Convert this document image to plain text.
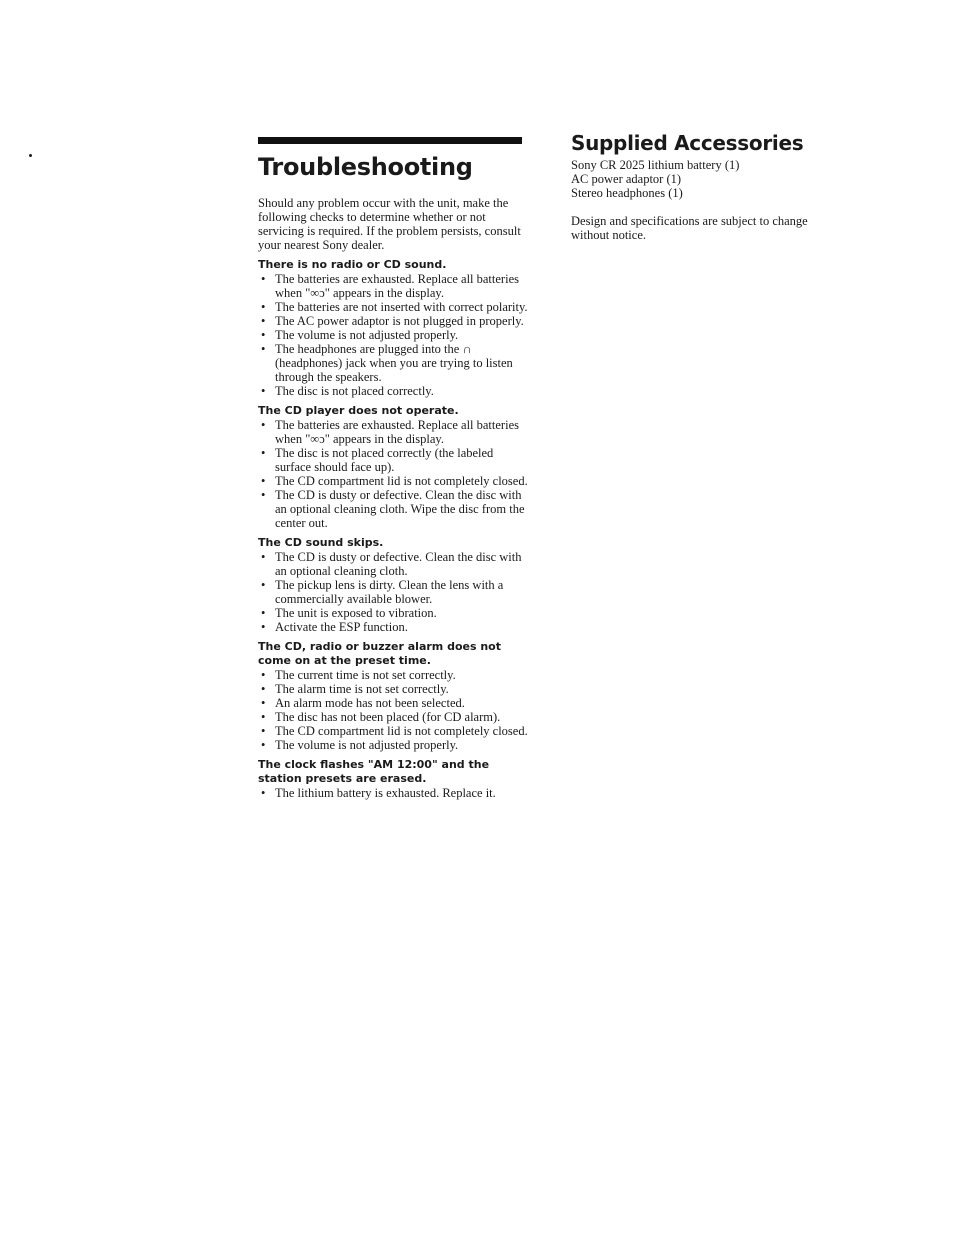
Troubleshooting

Should any problem occur with the unit, make the following checks to determine whether or not servicing is required. If the problem persists, consult your nearest Sony dealer.

There is no radio or CD sound.
• The batteries are exhausted. Replace all batteries when "∞ɔ" appears in the display.
• The batteries are not inserted with correct polarity.
• The AC power adaptor is not plugged in properly.
• The volume is not adjusted properly.
• The headphones are plugged into the ∩ (headphones) jack when you are trying to listen through the speakers.
• The disc is not placed correctly.
The CD player does not operate.
• The batteries are exhausted. Replace all batteries when "∞ɔ" appears in the display.
• The disc is not placed correctly (the labeled surface should face up).
• The CD compartment lid is not completely closed.
• The CD is dusty or defective. Clean the disc with an optional cleaning cloth. Wipe the disc from the center out.
The CD sound skips.
• The CD is dusty or defective. Clean the disc with an optional cleaning cloth.
• The pickup lens is dirty. Clean the lens with a commercially available blower.
• The unit is exposed to vibration.
• Activate the ESP function.
The CD, radio or buzzer alarm does not come on at the preset time.
• The current time is not set correctly.
• The alarm time is not set correctly.
• An alarm mode has not been selected.
• The disc has not been placed (for CD alarm).
• The CD compartment lid is not completely closed.
• The volume is not adjusted properly.
The clock flashes "AM 12:00" and the station presets are erased.
• The lithium battery is exhausted. Replace it.
Supplied Accessories

Sony CR 2025 lithium battery (1)

AC power adaptor (1)

Stereo headphones (1)

Design and specifications are subject to change without notice.
